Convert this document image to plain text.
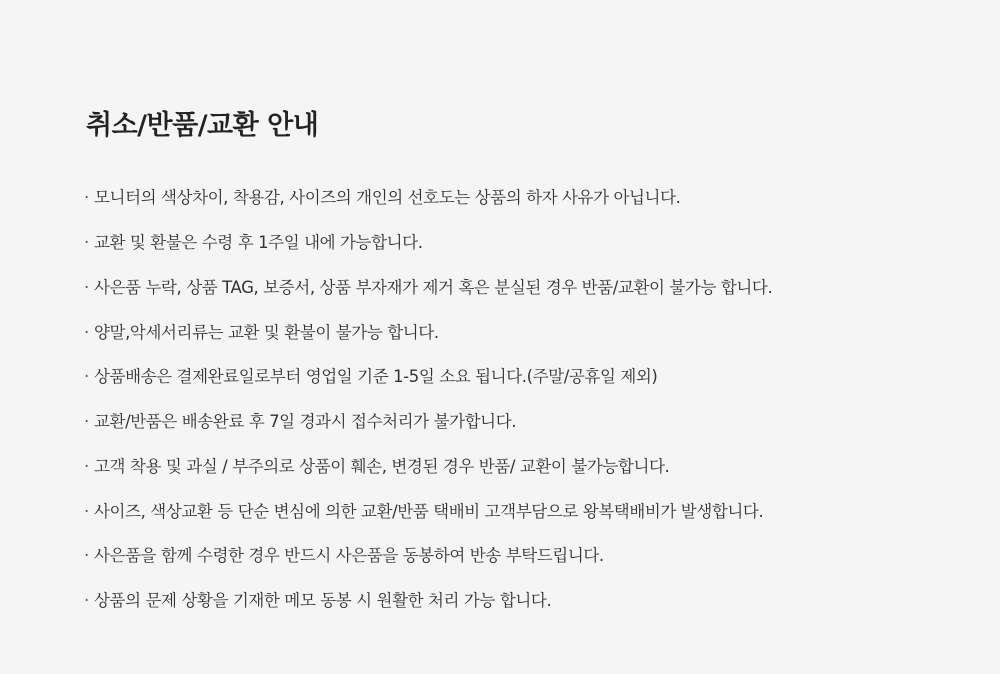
취소/반품/교환 안내
· 모니터의 색상차이, 착용감, 사이즈의 개인의 선호도는 상품의 하자 사유가 아닙니다.
· 교환 및 환불은 수령 후 1주일 내에 가능합니다.
· 사은품 누락, 상품 TAG, 보증서, 상품 부자재가 제거 혹은 분실된 경우 반품/교환이 불가능 합니다.
· 양말,악세서리류는 교환 및 환불이 불가능 합니다.
· 상품배송은 결제완료일로부터 영업일 기준 1-5일 소요 됩니다.(주말/공휴일 제외)
· 교환/반품은 배송완료 후 7일 경과시 접수처리가 불가합니다.
· 고객 착용 및 과실 / 부주의로 상품이 훼손, 변경된 경우 반품/ 교환이 불가능합니다.
· 사이즈, 색상교환 등 단순 변심에 의한 교환/반품 택배비 고객부담으로 왕복택배비가 발생합니다.
· 사은품을 함께 수령한 경우 반드시 사은품을 동봉하여 반송 부탁드립니다.
· 상품의 문제 상황을 기재한 메모 동봉 시 원활한 처리 가능 합니다.
